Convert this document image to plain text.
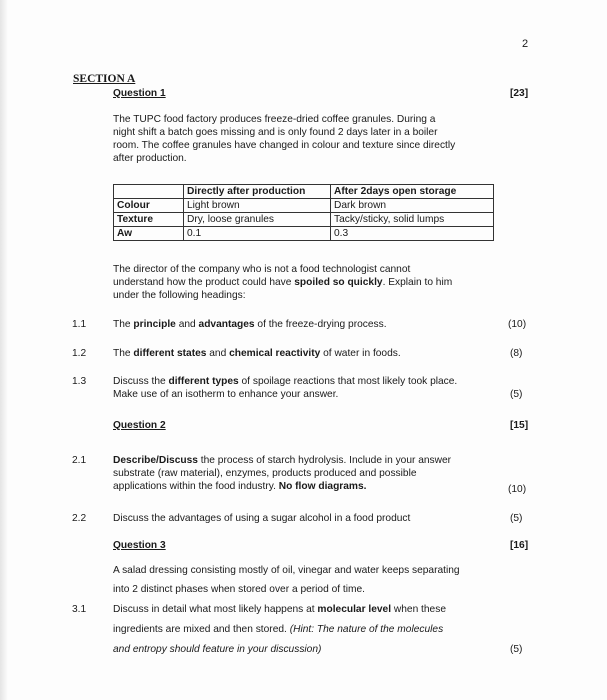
2
SECTION A
Question 1	[23]
The TUPC food factory produces freeze-dried coffee granules. During a
night shift a batch goes missing and is only found 2 days later in a boiler
room. The coffee granules have changed in colour and texture since directly
after production.
	Directly after production	After 2days open storage
Colour	Light brown	Dark brown
Texture	Dry, loose granules	Tacky/sticky, solid lumps
Aw	0.1	0.3
The director of the company who is not a food technologist cannot
understand how the product could have spoiled so quickly. Explain to him
under the following headings:
1.1	The principle and advantages of the freeze-drying process.	(10)
1.2	The different states and chemical reactivity of water in foods.	(8)
1.3	Discuss the different types of spoilage reactions that most likely took place.
Make use of an isotherm to enhance your answer.	(5)
Question 2	[15]
2.1	Describe/Discuss the process of starch hydrolysis. Include in your answer
substrate (raw material), enzymes, products produced and possible
applications within the food industry. No flow diagrams.	(10)
2.2	Discuss the advantages of using a sugar alcohol in a food product	(5)
Question 3	[16]
A salad dressing consisting mostly of oil, vinegar and water keeps separating
into 2 distinct phases when stored over a period of time.
3.1	Discuss in detail what most likely happens at molecular level when these
ingredients are mixed and then stored. (Hint: The nature of the molecules
and entropy should feature in your discussion)	(5)
